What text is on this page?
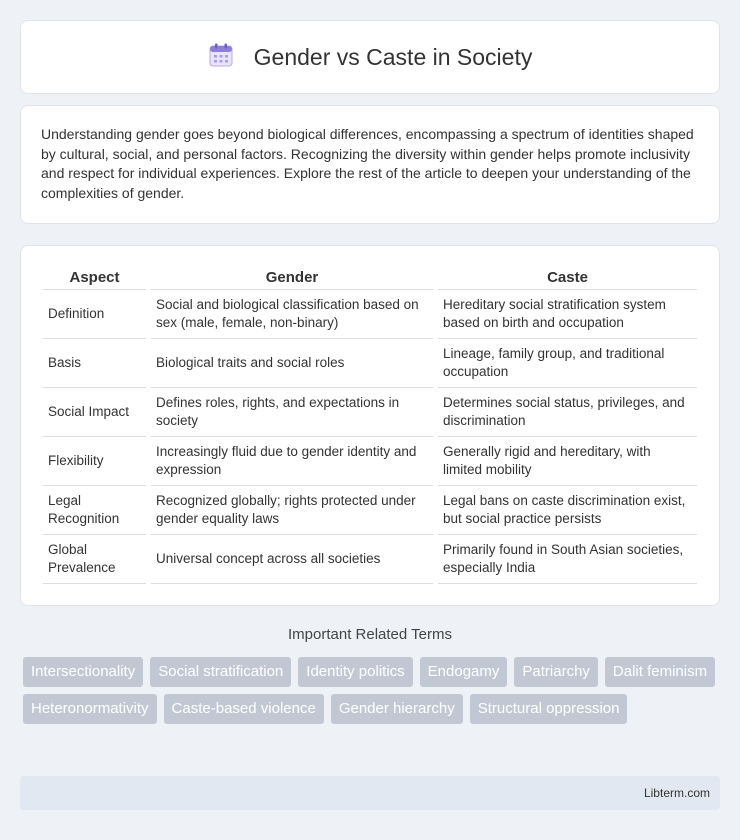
Gender vs Caste in Society

Understanding gender goes beyond biological differences, encompassing a spectrum of identities shaped by cultural, social, and personal factors. Recognizing the diversity within gender helps promote inclusivity and respect for individual experiences. Explore the rest of the article to deepen your understanding of the complexities of gender.

Aspect	Gender	Caste
Definition	Social and biological classification based on sex (male, female, non-binary)	Hereditary social stratification system based on birth and occupation
Basis	Biological traits and social roles	Lineage, family group, and traditional occupation
Social Impact	Defines roles, rights, and expectations in society	Determines social status, privileges, and discrimination
Flexibility	Increasingly fluid due to gender identity and expression	Generally rigid and hereditary, with limited mobility
Legal Recognition	Recognized globally; rights protected under gender equality laws	Legal bans on caste discrimination exist, but social practice persists
Global Prevalence	Universal concept across all societies	Primarily found in South Asian societies, especially India
Important Related Terms
Intersectionality	Social stratification	Identity politics	Endogamy	Patriarchy	Dalit feminism
Heteronormativity	Caste-based violence	Gender hierarchy	Structural oppression
Libterm.com
